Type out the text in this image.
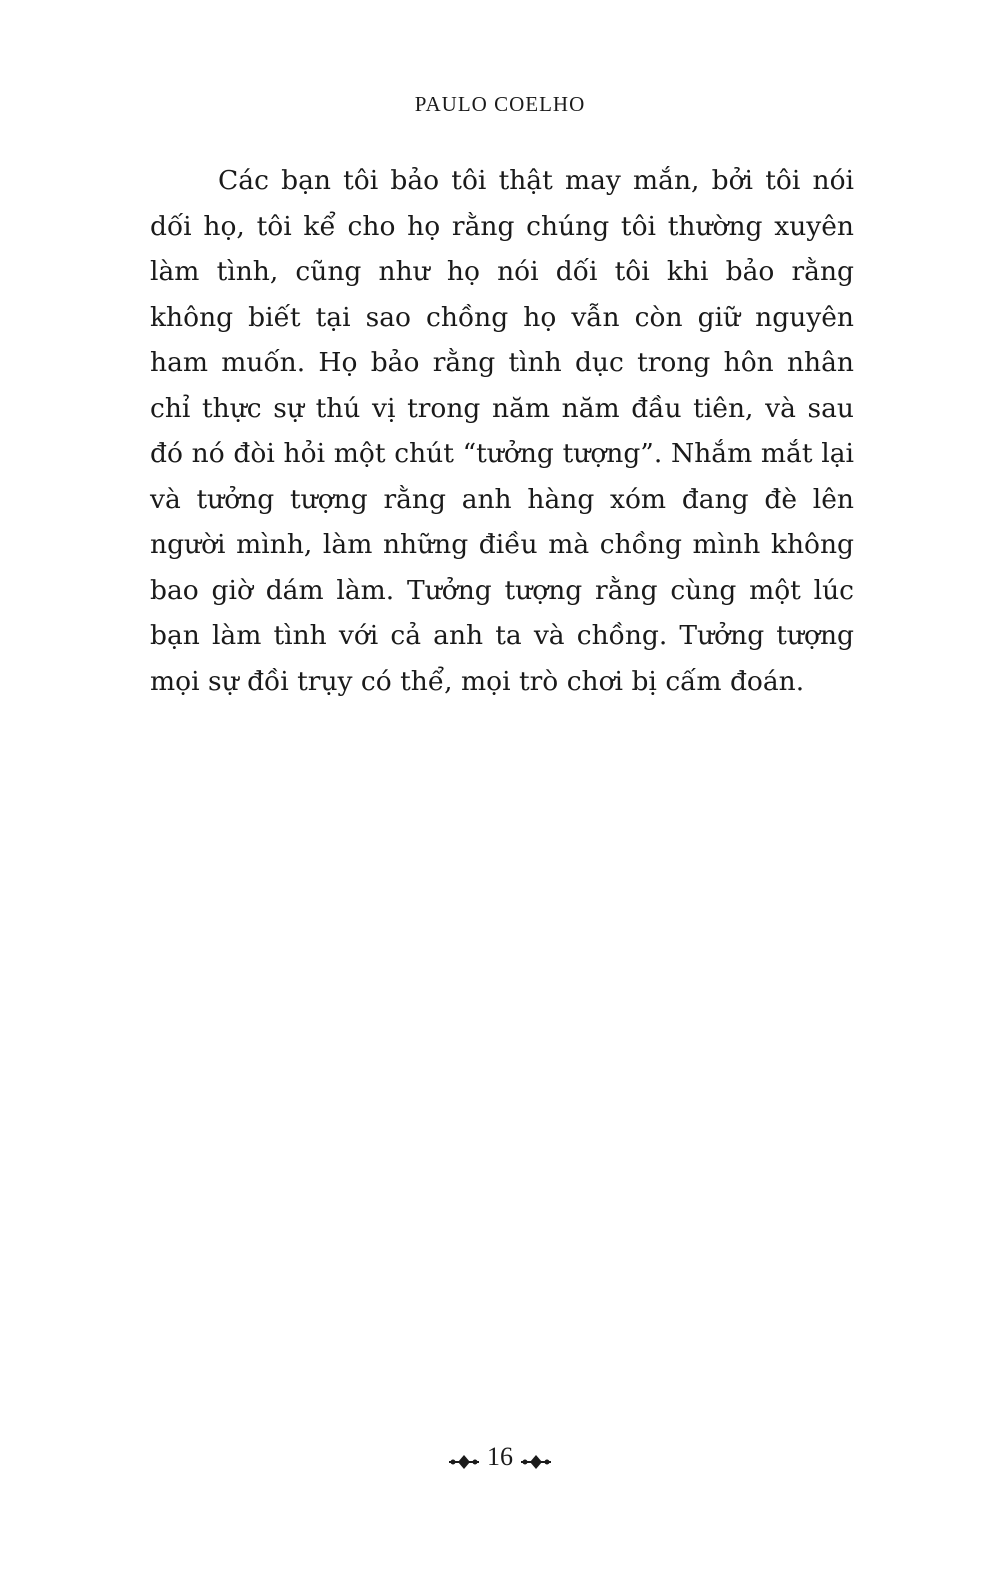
PAULO COELHO

Các bạn tôi bảo tôi thật may mắn, bởi tôi nói dối họ, tôi kể cho họ rằng chúng tôi thường xuyên làm tình, cũng như họ nói dối tôi khi bảo rằng không biết tại sao chồng họ vẫn còn giữ nguyên ham muốn. Họ bảo rằng tình dục trong hôn nhân chỉ thực sự thú vị trong năm năm đầu tiên, và sau đó nó đòi hỏi một chút “tưởng tượng”. Nhắm mắt lại và tưởng tượng rằng anh hàng xóm đang đè lên người mình, làm những điều mà chồng mình không bao giờ dám làm. Tưởng tượng rằng cùng một lúc bạn làm tình với cả anh ta và chồng. Tưởng tượng mọi sự đồi trụy có thể, mọi trò chơi bị cấm đoán.

16
